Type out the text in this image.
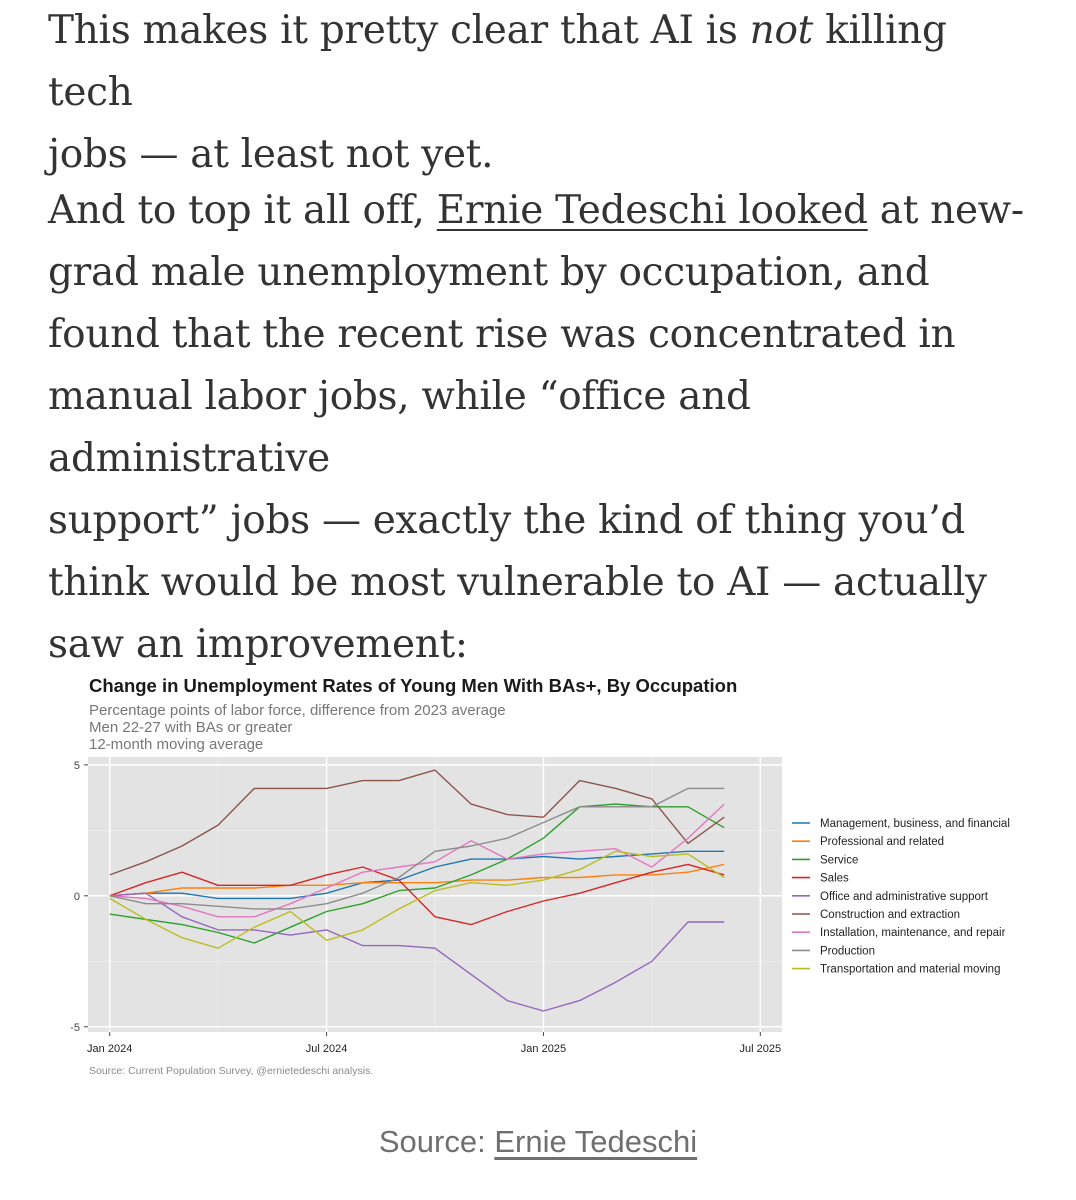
This makes it pretty clear that AI is not killing tech
jobs — at least not yet.

And to top it all off, Ernie Tedeschi looked at new-
grad male unemployment by occupation, and
found that the recent rise was concentrated in
manual labor jobs, while “office and administrative
support” jobs — exactly the kind of thing you’d
think would be most vulnerable to AI — actually
saw an improvement:

5
0
-5
Jan 2024	Jul 2024	Jan 2025	Jul 2025
Management, business, and financial
Professional and related
Service
Sales
Office and administrative support
Construction and extraction
Installation, maintenance, and repair
Production
Transportation and material moving
Change in Unemployment Rates of Young Men With BAs+, By Occupation
Percentage points of labor force, difference from 2023 average
Men 22-27 with BAs or greater
12-month moving average
Source: Current Population Survey, @ernietedeschi analysis.
Source: Ernie Tedeschi
